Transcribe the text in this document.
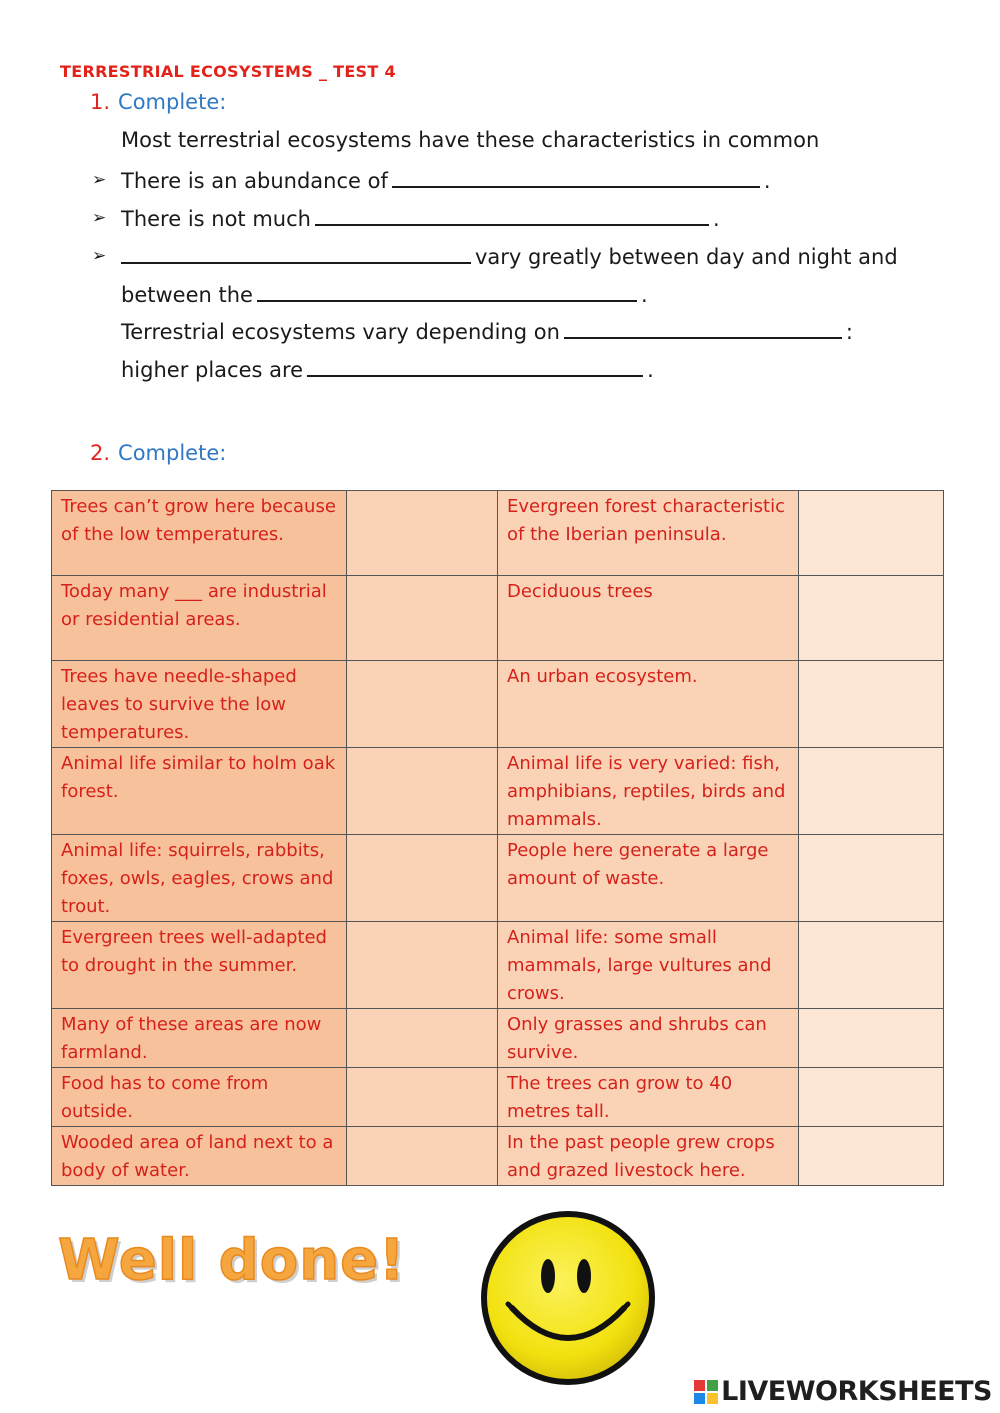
TERRESTRIAL ECOSYSTEMS _ TEST 4
1. Complete:
Most terrestrial ecosystems have these characteristics in common
➢ There is an abundance of	.
➢ There is not much	.
➢	vary greatly between day and night and
between the	.
Terrestrial ecosystems vary depending on	:
higher places are	.
2. Complete:
Trees can’t grow here because of the low temperatures.		Evergreen forest characteristic of the Iberian peninsula.	
Today many ___ are industrial or residential areas.		Deciduous trees	
Trees have needle-shaped leaves to survive the low temperatures.		An urban ecosystem.	
Animal life similar to holm oak forest.		Animal life is very varied: fish, amphibians, reptiles, birds and mammals.	
Animal life: squirrels, rabbits, foxes, owls, eagles, crows and trout.		People here generate a large amount of waste.	
Evergreen trees well-adapted to drought in the summer.		Animal life: some small mammals, large vultures and crows.	
Many of these areas are now farmland.		Only grasses and shrubs can survive.	
Food has to come from outside.		The trees can grow to 40 metres tall.	
Wooded area of land next to a body of water.		In the past people grew crops and grazed livestock here.	
Well done!
LIVEWORKSHEETS
